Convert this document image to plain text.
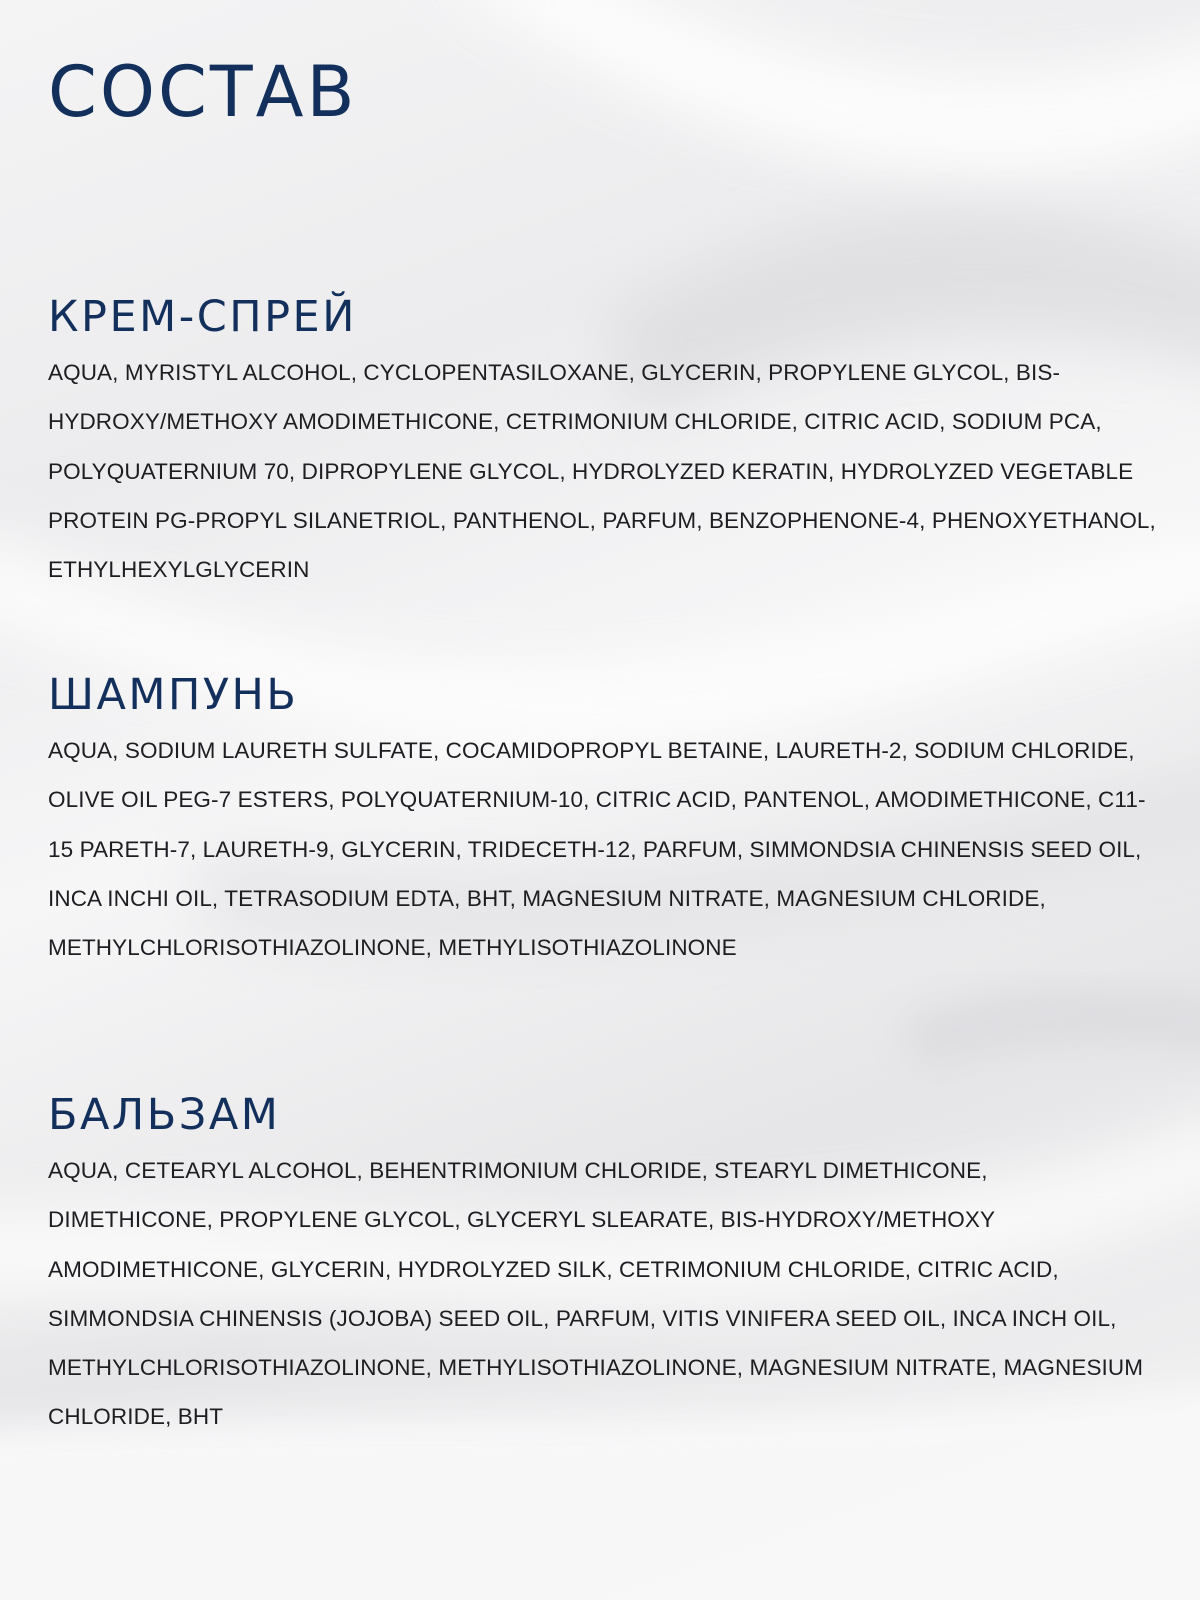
СОСТАВ
КРЕМ-СПРЕЙ

AQUA, MYRISTYL ALCOHOL, CYCLOPENTASILOXANE, GLYCERIN, PROPYLENE GLYCOL, BIS-HYDROXY/METHOXY AMODIMETHICONE, CETRIMONIUM CHLORIDE, CITRIC ACID, SODIUM PCA, POLYQUATERNIUM 70, DIPROPYLENE GLYCOL, HYDROLYZED KERATIN, HYDROLYZED VEGETABLE PROTEIN PG-PROPYL SILANETRIOL, PANTHENOL, PARFUM, BENZOPHENONE-4, PHENOXYETHANOL, ETHYLHEXYLGLYCERIN

ШАМПУНЬ

AQUA, SODIUM LAURETH SULFATE, COCAMIDOPROPYL BETAINE, LAURETH-2, SODIUM CHLORIDE, OLIVE OIL PEG-7 ESTERS, POLYQUATERNIUM-10, CITRIC ACID, PANTENOL, AMODIMETHICONE, C11-15 PARETH-7, LAURETH-9, GLYCERIN, TRIDECETH-12, PARFUM, SIMMONDSIA CHINENSIS SEED OIL, INCA INCHI OIL, TETRASODIUM EDTA, BHT, MAGNESIUM NITRATE, MAGNESIUM CHLORIDE, METHYLCHLORISOTHIAZOLINONE, METHYLISOTHIAZOLINONE

БАЛЬЗАМ

AQUA, CETEARYL ALCOHOL, BEHENTRIMONIUM CHLORIDE, STEARYL DIMETHICONE, DIMETHICONE, PROPYLENE GLYCOL, GLYCERYL SLEARATE, BIS-HYDROXY/METHOXY AMODIMETHICONE, GLYCERIN, HYDROLYZED SILK, CETRIMONIUM CHLORIDE, CITRIC ACID, SIMMONDSIA CHINENSIS (JOJOBA) SEED OIL, PARFUM, VITIS VINIFERA SEED OIL, INCA INCH OIL, METHYLCHLORISOTHIAZOLINONE, METHYLISOTHIAZOLINONE, MAGNESIUM NITRATE, MAGNESIUM CHLORIDE, BHT
